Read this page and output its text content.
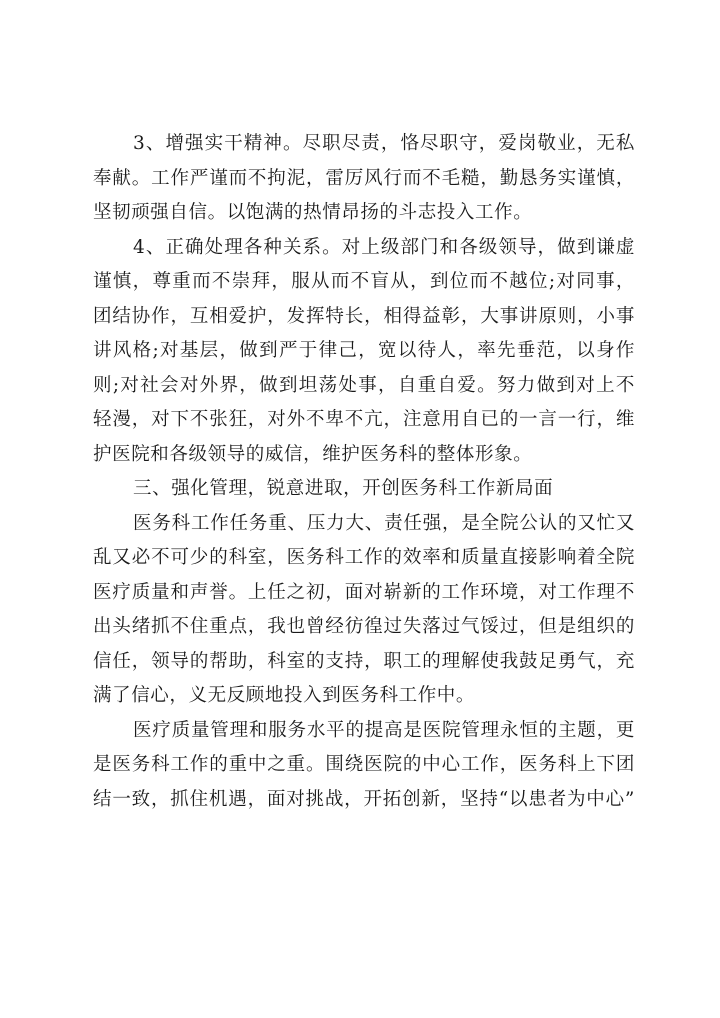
3、增强实干精神。尽职尽责，恪尽职守，爱岗敬业，无私
奉献。工作严谨而不拘泥，雷厉风行而不毛糙，勤恳务实谨慎，
坚韧顽强自信。以饱满的热情昂扬的斗志投入工作。
4、正确处理各种关系。对上级部门和各级领导，做到谦虚
谨慎，尊重而不崇拜，服从而不盲从，到位而不越位;对同事，
团结协作，互相爱护，发挥特长，相得益彰，大事讲原则，小事
讲风格;对基层，做到严于律己，宽以待人，率先垂范，以身作
则;对社会对外界，做到坦荡处事，自重自爱。努力做到对上不
轻漫，对下不张狂，对外不卑不亢，注意用自已的一言一行，维
护医院和各级领导的威信，维护医务科的整体形象。
三、强化管理，锐意进取，开创医务科工作新局面
医务科工作任务重、压力大、责任强，是全院公认的又忙又
乱又必不可少的科室，医务科工作的效率和质量直接影响着全院
医疗质量和声誉。上任之初，面对崭新的工作环境，对工作理不
出头绪抓不住重点，我也曾经彷徨过失落过气馁过，但是组织的
信任，领导的帮助，科室的支持，职工的理解使我鼓足勇气，充
满了信心，义无反顾地投入到医务科工作中。
医疗质量管理和服务水平的提高是医院管理永恒的主题，更
是医务科工作的重中之重。围绕医院的中心工作，医务科上下团
结一致，抓住机遇，面对挑战，开拓创新，坚持“以患者为中心”
